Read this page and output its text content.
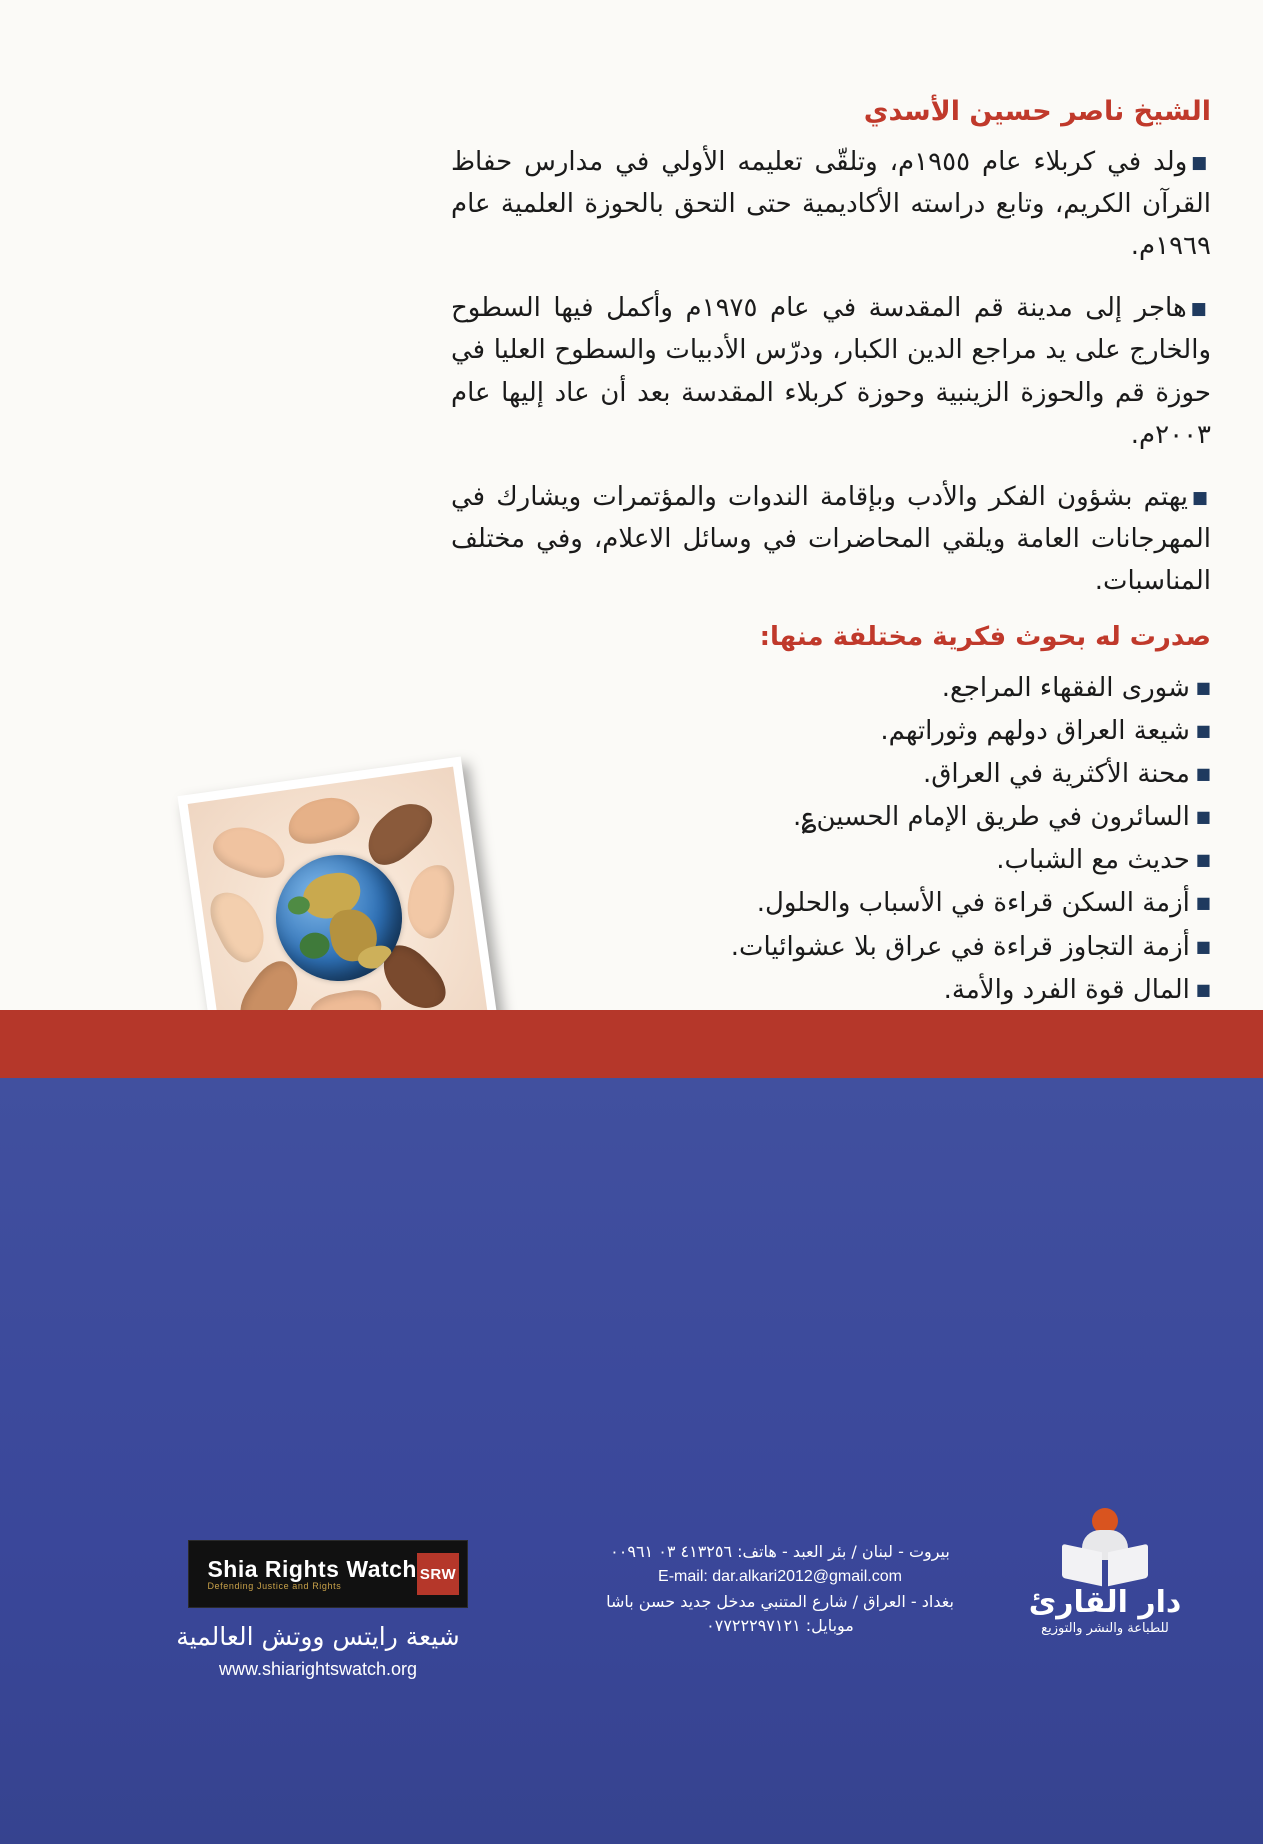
الشيخ ناصر حسين الأسدي

■ولد في كربلاء عام ١٩٥٥م، وتلقّى تعليمه الأولي في مدارس حفاظ القرآن الكريم، وتابع دراسته الأكاديمية حتى التحق بالحوزة العلمية عام ١٩٦٩م.

■هاجر إلى مدينة قم المقدسة في عام ١٩٧٥م وأكمل فيها السطوح والخارج على يد مراجع الدين الكبار، ودرّس الأدبيات والسطوح العليا في حوزة قم والحوزة الزينبية وحوزة كربلاء المقدسة بعد أن عاد إليها عام ٢٠٠٣م.

■يهتم بشؤون الفكر والأدب وبإقامة الندوات والمؤتمرات ويشارك في المهرجانات العامة ويلقي المحاضرات في وسائل الاعلام، وفي مختلف المناسبات.

صدرت له بحوث فكرية مختلفة منها:
■شورى الفقهاء المراجع.
■شيعة العراق دولهم وثوراتهم.
■محنة الأكثرية في العراق.
■السائرون في طريق الإمام الحسين؏.
■حديث مع الشباب.
■أزمة السكن قراءة في الأسباب والحلول.
■أزمة التجاوز قراءة في عراق بلا عشوائيات.
■المال قوة الفرد والأمة.
SRW
Shia Rights Watch
Defending Justice and Rights
شيعة رايتس ووتش العالمية
www.shiarightswatch.org
بيروت - لبنان / بئر العبد - هاتف: ٤١٣٢٥٦ ٠٣ ٠٠٩٦١
E-mail: dar.alkari2012@gmail.com
بغداد - العراق / شارع المتنبي مدخل جديد حسن باشا
موبايل: ٠٧٧٢٢٢٩٧١٢١
دار القارئ
للطباعة والنشر والتوزيع
